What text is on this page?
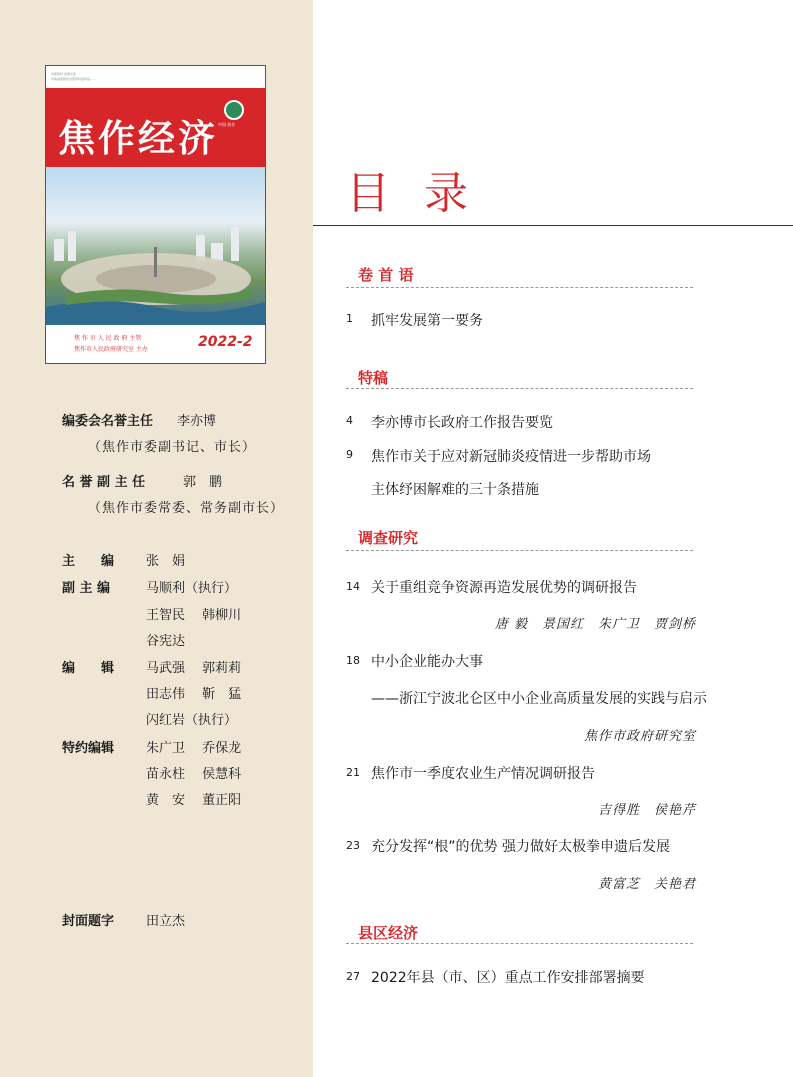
内部资料 免费交流
河南省连续性内部资料准印证……
焦作经济 中国·焦作
焦 作 市 人 民 政 府 主管
焦作市人民政府研究室 主办	2022-2
编委会名誉主任 李亦博
（焦作市委副书记、市长）
名 誉 副 主 任	郭　鹏
（焦作市委常委、常务副市长）
主　　编 张　娟
副 主 编	马顺利（执行）
王智民　 韩柳川
谷宪达
编　　辑 马武强　 郭莉莉
田志伟　 靳　猛
闪红岩（执行）
特约编辑 朱广卫　 乔保龙
苗永柱　 侯慧科
黄　安　 董正阳
封面题字 田立杰
目 录
卷 首 语
1 抓牢发展第一要务
特稿
4 李亦博市长政府工作报告要览
9 焦作市关于应对新冠肺炎疫情进一步帮助市场
主体纾困解难的三十条措施
调查研究
14 关于重组竞争资源再造发展优势的调研报告
唐 毅　景国红　朱广卫　贾剑桥
18 中小企业能办大事
——浙江宁波北仑区中小企业高质量发展的实践与启示
焦作市政府研究室
21 焦作市一季度农业生产情况调研报告
吉得胜　侯艳芹
23 充分发挥“根”的优势 强力做好太极拳申遗后发展
黄富芝　关艳君
县区经济
27 2022年县（市、区）重点工作安排部署摘要
